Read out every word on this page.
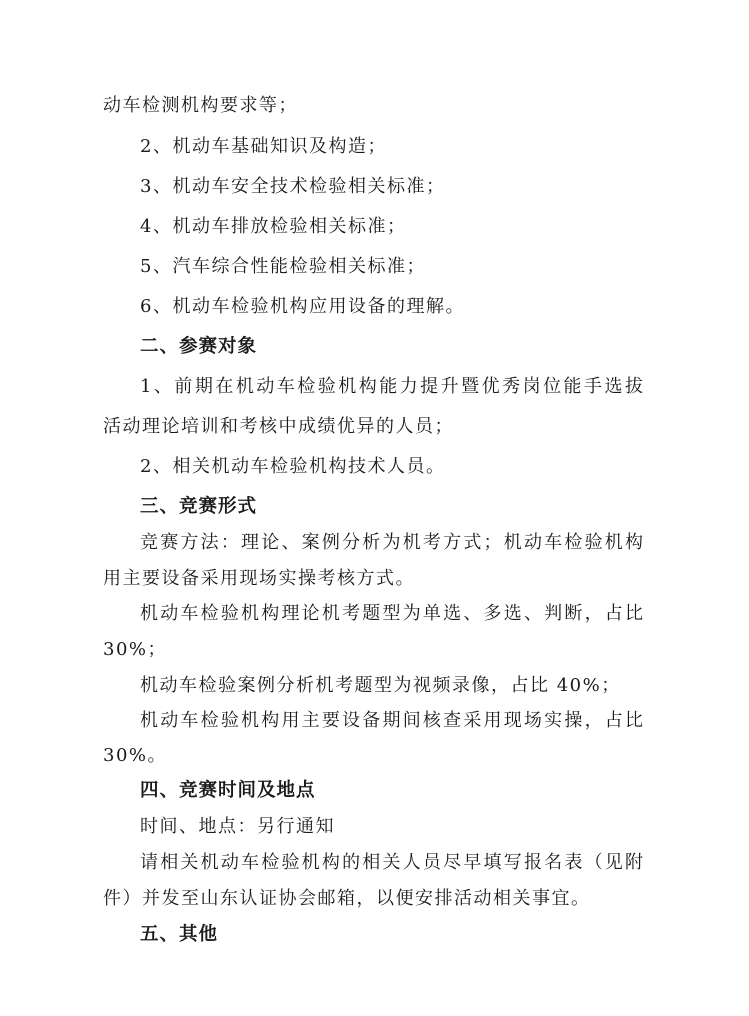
动车检测机构要求等；
2、机动车基础知识及构造；
3、机动车安全技术检验相关标准；
4、机动车排放检验相关标准；
5、汽车综合性能检验相关标准；
6、机动车检验机构应用设备的理解。
二、参赛对象
1、前期在机动车检验机构能力提升暨优秀岗位能手选拔
活动理论培训和考核中成绩优异的人员；
2、相关机动车检验机构技术人员。
三、竞赛形式
竞赛方法：理论、案例分析为机考方式；机动车检验机构
用主要设备采用现场实操考核方式。
机动车检验机构理论机考题型为单选、多选、判断，占比
30%；
机动车检验案例分析机考题型为视频录像，占比 40%；
机动车检验机构用主要设备期间核查采用现场实操，占比
30%。
四、竞赛时间及地点
时间、地点：另行通知
请相关机动车检验机构的相关人员尽早填写报名表（见附
件）并发至山东认证协会邮箱，以便安排活动相关事宜。
五、其他
